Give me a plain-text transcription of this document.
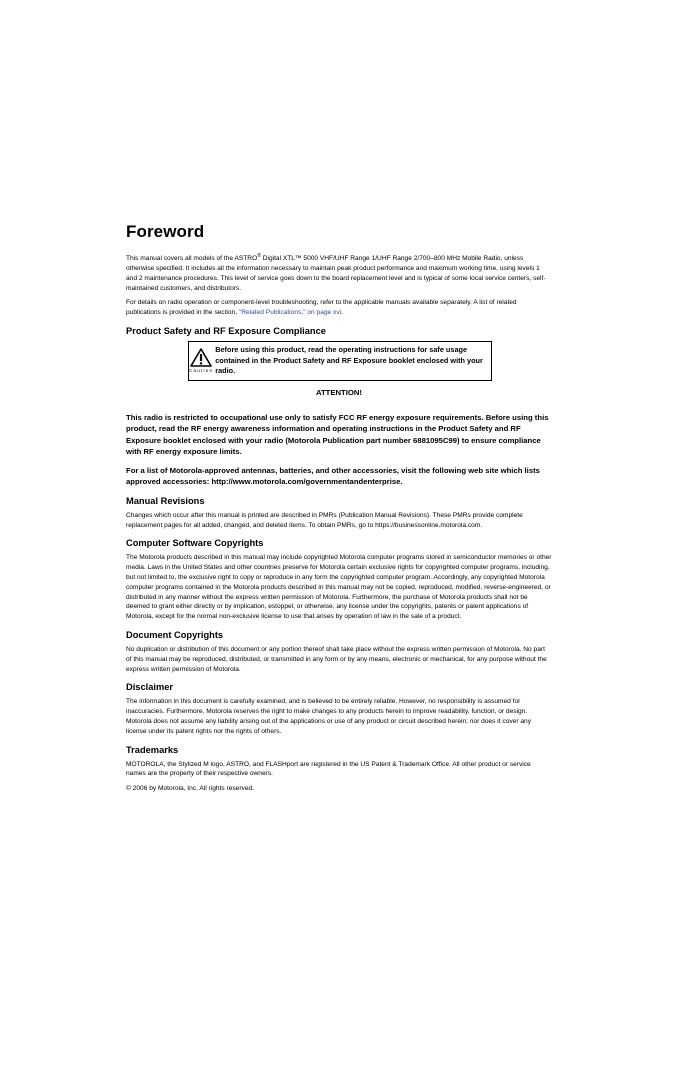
Foreword

This manual covers all models of the ASTRO® Digital XTL™ 5000 VHF/UHF Range 1/UHF Range 2/700–800 MHz Mobile Radio, unless otherwise specified. It includes all the information necessary to maintain peak product performance and maximum working time, using levels 1 and 2 maintenance procedures. This level of service goes down to the board replacement level and is typical of some local service centers, self-maintained customers, and distributors.

For details on radio operation or component-level troubleshooting, refer to the applicable manuals available separately. A list of related publications is provided in the section, "Related Publications," on page xvi.

Product Safety and RF Exposure Compliance
Caution
Before using this product, read the operating instructions for safe usage contained in the Product Safety and RF Exposure booklet enclosed with your radio.
ATTENTION!

This radio is restricted to occupational use only to satisfy FCC RF energy exposure requirements. Before using this product, read the RF energy awareness information and operating instructions in the Product Safety and RF Exposure booklet enclosed with your radio (Motorola Publication part number 6881095C99) to ensure compliance with RF energy exposure limits.

For a list of Motorola-approved antennas, batteries, and other accessories, visit the following web site which lists approved accessories: http://www.motorola.com/governmentandenterprise.

Manual Revisions

Changes which occur after this manual is printed are described in PMRs (Publication Manual Revisions). These PMRs provide complete replacement pages for all added, changed, and deleted items. To obtain PMRs, go to https://businessonline.motorola.com.

Computer Software Copyrights

The Motorola products described in this manual may include copyrighted Motorola computer programs stored in semiconductor memories or other media. Laws in the United States and other countries preserve for Motorola certain exclusive rights for copyrighted computer programs, including, but not limited to, the exclusive right to copy or reproduce in any form the copyrighted computer program. Accordingly, any copyrighted Motorola computer programs contained in the Motorola products described in this manual may not be copied, reproduced, modified, reverse-engineered, or distributed in any manner without the express written permission of Motorola. Furthermore, the purchase of Motorola products shall not be deemed to grant either directly or by implication, estoppel, or otherwise, any license under the copyrights, patents or patent applications of Motorola, except for the normal non-exclusive license to use that arises by operation of law in the sale of a product.

Document Copyrights

No duplication or distribution of this document or any portion thereof shall take place without the express written permission of Motorola. No part of this manual may be reproduced, distributed, or transmitted in any form or by any means, electronic or mechanical, for any purpose without the express written permission of Motorola.

Disclaimer

The information in this document is carefully examined, and is believed to be entirely reliable. However, no responsibility is assumed for inaccuracies. Furthermore, Motorola reserves the right to make changes to any products herein to improve readability, function, or design. Motorola does not assume any liability arising out of the applications or use of any product or circuit described herein; nor does it cover any license under its patent rights nor the rights of others.

Trademarks

MOTOROLA, the Stylized M logo, ASTRO, and FLASHport are registered in the US Patent & Trademark Office. All other product or service names are the property of their respective owners.

© 2006 by Motorola, Inc. All rights reserved.
